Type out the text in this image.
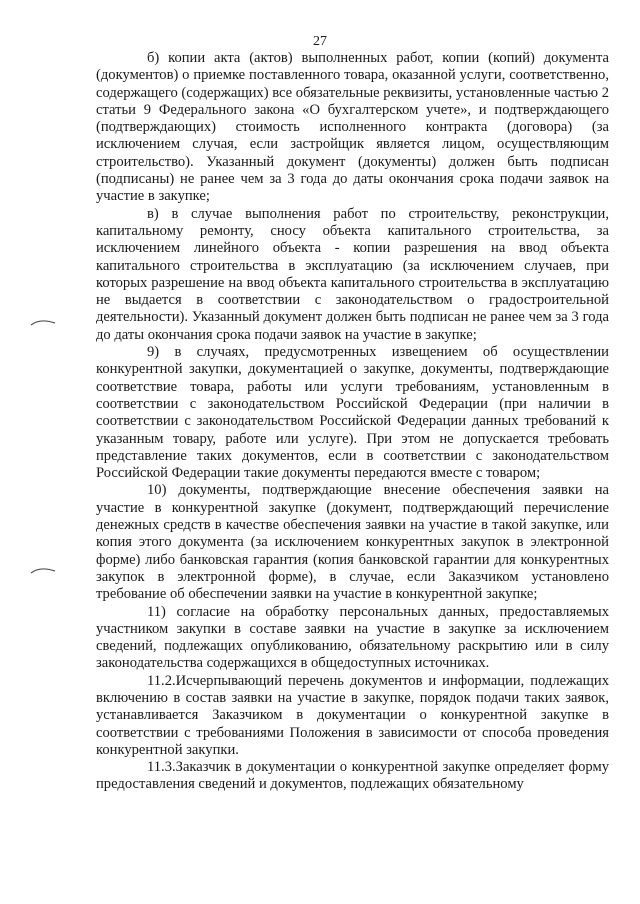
27

б) копии акта (актов) выполненных работ, копии (копий) документа (документов) о приемке поставленного товара, оказанной услуги, соответственно, содержащего (содержащих) все обязательные реквизиты, установленные частью 2 статьи 9 Федерального закона «О бухгалтерском учете», и подтверждающего (подтверждающих) стоимость исполненного контракта (договора) (за исключением случая, если застройщик является лицом, осуществляющим строительство). Указанный документ (документы) должен быть подписан (подписаны) не ранее чем за 3 года до даты окончания срока подачи заявок на участие в закупке;

в) в случае выполнения работ по строительству, реконструкции, капитальному ремонту, сносу объекта капитального строительства, за исключением линейного объекта - копии разрешения на ввод объекта капитального строительства в эксплуатацию (за исключением случаев, при которых разрешение на ввод объекта капитального строительства в эксплуатацию не выдается в соответствии с законодательством о градостроительной деятельности). Указанный документ должен быть подписан не ранее чем за 3 года до даты окончания срока подачи заявок на участие в закупке;

9) в случаях, предусмотренных извещением об осуществлении конкурентной закупки, документацией о закупке, документы, подтверждающие соответствие товара, работы или услуги требованиям, установленным в соответствии с законодательством Российской Федерации (при наличии в соответствии с законодательством Российской Федерации данных требований к указанным товару, работе или услуге). При этом не допускается требовать представление таких документов, если в соответствии с законодательством Российской Федерации такие документы передаются вместе с товаром;

10) документы, подтверждающие внесение обеспечения заявки на участие в конкурентной закупке (документ, подтверждающий перечисление денежных средств в качестве обеспечения заявки на участие в такой закупке, или копия этого документа (за исключением конкурентных закупок в электронной форме) либо банковская гарантия (копия банковской гарантии для конкурентных закупок в электронной форме), в случае, если Заказчиком установлено требование об обеспечении заявки на участие в конкурентной закупке;

11) согласие на обработку персональных данных, предоставляемых участником закупки в составе заявки на участие в закупке за исключением сведений, подлежащих опубликованию, обязательному раскрытию или в силу законодательства содержащихся в общедоступных источниках.

11.2.Исчерпывающий перечень документов и информации, подлежащих включению в состав заявки на участие в закупке, порядок подачи таких заявок, устанавливается Заказчиком в документации о конкурентной закупке в соответствии с требованиями Положения в зависимости от способа проведения конкурентной закупки.

11.3.Заказчик в документации о конкурентной закупке определяет форму предоставления сведений и документов, подлежащих обязательному
